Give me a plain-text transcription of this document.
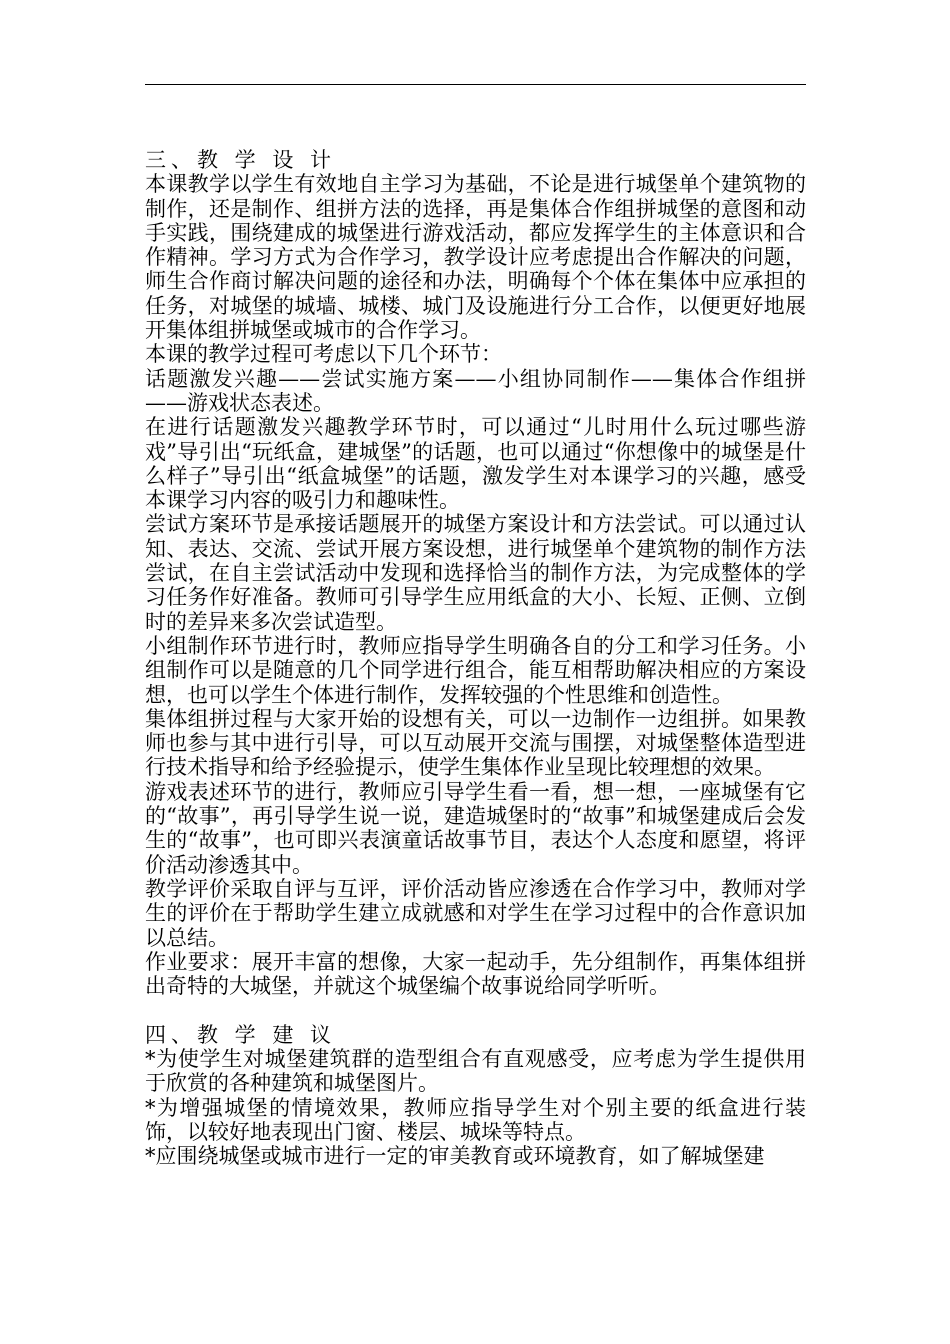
三、教 学 设 计

本课教学以学生有效地自主学习为基础，不论是进行城堡单个建筑物的制作，还是制作、组拼方法的选择，再是集体合作组拼城堡的意图和动手实践，围绕建成的城堡进行游戏活动，都应发挥学生的主体意识和合作精神。学习方式为合作学习，教学设计应考虑提出合作解决的问题，师生合作商讨解决问题的途径和办法，明确每个个体在集体中应承担的任务，对城堡的城墙、城楼、城门及设施进行分工合作，以便更好地展开集体组拼城堡或城市的合作学习。

本课的教学过程可考虑以下几个环节：

话题激发兴趣——尝试实施方案——小组协同制作——集体合作组拼——游戏状态表述。

在进行话题激发兴趣教学环节时，可以通过“儿时用什么玩过哪些游戏”导引出“玩纸盒，建城堡”的话题，也可以通过“你想像中的城堡是什么样子”导引出“纸盒城堡”的话题，激发学生对本课学习的兴趣，感受本课学习内容的吸引力和趣味性。

尝试方案环节是承接话题展开的城堡方案设计和方法尝试。可以通过认知、表达、交流、尝试开展方案设想，进行城堡单个建筑物的制作方法尝试，在自主尝试活动中发现和选择恰当的制作方法，为完成整体的学习任务作好准备。教师可引导学生应用纸盒的大小、长短、正侧、立倒时的差异来多次尝试造型。

小组制作环节进行时，教师应指导学生明确各自的分工和学习任务。小组制作可以是随意的几个同学进行组合，能互相帮助解决相应的方案设想，也可以学生个体进行制作，发挥较强的个性思维和创造性。

集体组拼过程与大家开始的设想有关，可以一边制作一边组拼。如果教师也参与其中进行引导，可以互动展开交流与围摆，对城堡整体造型进行技术指导和给予经验提示，使学生集体作业呈现比较理想的效果。

游戏表述环节的进行，教师应引导学生看一看，想一想，一座城堡有它的“故事”，再引导学生说一说，建造城堡时的“故事”和城堡建成后会发生的“故事”，也可即兴表演童话故事节目，表达个人态度和愿望，将评价活动渗透其中。

教学评价采取自评与互评，评价活动皆应渗透在合作学习中，教师对学生的评价在于帮助学生建立成就感和对学生在学习过程中的合作意识加以总结。

作业要求：展开丰富的想像，大家一起动手，先分组制作，再集体组拼出奇特的大城堡，并就这个城堡编个故事说给同学听听。

四、教 学 建 议

*为使学生对城堡建筑群的造型组合有直观感受，应考虑为学生提供用于欣赏的各种建筑和城堡图片。

*为增强城堡的情境效果，教师应指导学生对个别主要的纸盒进行装饰，以较好地表现出门窗、楼层、城垛等特点。

*应围绕城堡或城市进行一定的审美教育或环境教育，如了解城堡建
